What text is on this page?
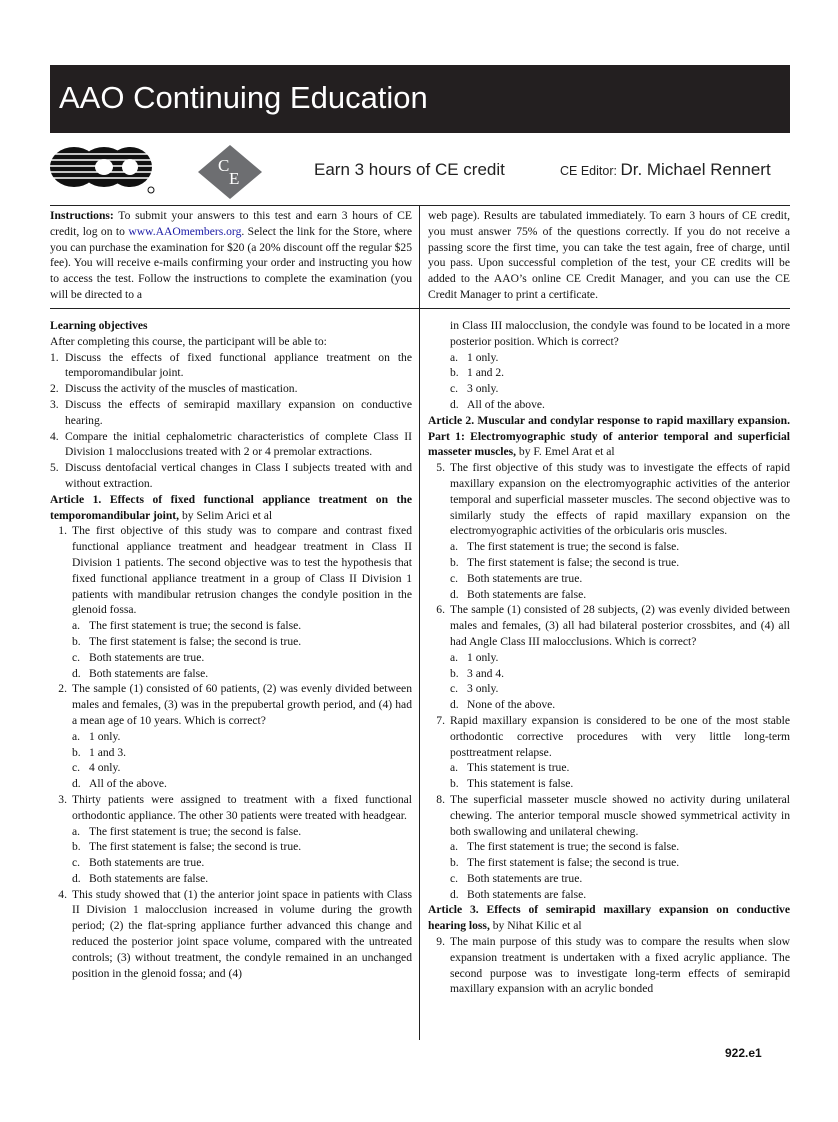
AAO Continuing Education
C
E	Earn 3 hours of CE credit	CE Editor: Dr. Michael Rennert

Instructions: To submit your answers to this test and earn 3 hours of CE credit, log on to www.AAOmembers.org. Select the link for the Store, where you can purchase the examination for $20 (a 20% discount off the regular $25 fee). You will receive e-mails confirming your order and instructing you how to access the test. Follow the instructions to complete the examination (you will be directed to a

web page). Results are tabulated immediately. To earn 3 hours of CE credit, you must answer 75% of the questions correctly. If you do not receive a passing score the first time, you can take the test again, free of charge, until you pass. Upon successful completion of the test, your CE credits will be added to the AAO’s online CE Credit Manager, and you can use the CE Credit Manager to print a certificate.

Learning objectives

After completing this course, the participant will be able to:

1. Discuss the effects of fixed functional appliance treatment on the temporomandibular joint.
2. Discuss the activity of the muscles of mastication.
3. Discuss the effects of semirapid maxillary expansion on conductive hearing.
4. Compare the initial cephalometric characteristics of complete Class II Division 1 malocclusions treated with 2 or 4 premolar extractions.
5. Discuss dentofacial vertical changes in Class I subjects treated with and without extraction.

Article 1. Effects of fixed functional appliance treatment on the temporomandibular joint, by Selim Arici et al

1. The first objective of this study was to compare and contrast fixed functional appliance treatment and headgear treatment in Class II Division 1 patients. The second objective was to test the hypothesis that fixed functional appliance treatment in a group of Class II Division 1 patients with mandibular retrusion changes the condyle position in the glenoid fossa.
a. The first statement is true; the second is false.
b. The first statement is false; the second is true.
c. Both statements are true.
d. Both statements are false.
2. The sample (1) consisted of 60 patients, (2) was evenly divided between males and females, (3) was in the prepubertal growth period, and (4) had a mean age of 10 years. Which is correct?
a. 1 only.
b. 1 and 3.
c. 4 only.
d. All of the above.
3. Thirty patients were assigned to treatment with a fixed functional orthodontic appliance. The other 30 patients were treated with headgear.
a. The first statement is true; the second is false.
b. The first statement is false; the second is true.
c. Both statements are true.
d. Both statements are false.
4. This study showed that (1) the anterior joint space in patients with Class II Division 1 malocclusion increased in volume during the growth period; (2) the flat-spring appliance further advanced this change and reduced the posterior joint space volume, compared with the untreated controls; (3) without treatment, the condyle remained in an unchanged position in the glenoid fossa; and (4)

in Class III malocclusion, the condyle was found to be located in a more posterior position. Which is correct?

a. 1 only.
b. 1 and 2.
c. 3 only.
d. All of the above.

Article 2. Muscular and condylar response to rapid maxillary expansion. Part 1: Electromyographic study of anterior temporal and superficial masseter muscles, by F. Emel Arat et al

5. The first objective of this study was to investigate the effects of rapid maxillary expansion on the electromyographic activities of the anterior temporal and superficial masseter muscles. The second objective was to similarly study the effects of rapid maxillary expansion on the electromyographic activities of the orbicularis oris muscles.
a. The first statement is true; the second is false.
b. The first statement is false; the second is true.
c. Both statements are true.
d. Both statements are false.
6. The sample (1) consisted of 28 subjects, (2) was evenly divided between males and females, (3) all had bilateral posterior crossbites, and (4) all had Angle Class III malocclusions. Which is correct?
a. 1 only.
b. 3 and 4.
c. 3 only.
d. None of the above.
7. Rapid maxillary expansion is considered to be one of the most stable orthodontic corrective procedures with very little long-term posttreatment relapse.
a. This statement is true.
b. This statement is false.
8. The superficial masseter muscle showed no activity during unilateral chewing. The anterior temporal muscle showed symmetrical activity in both swallowing and unilateral chewing.
a. The first statement is true; the second is false.
b. The first statement is false; the second is true.
c. Both statements are true.
d. Both statements are false.

Article 3. Effects of semirapid maxillary expansion on conductive hearing loss, by Nihat Kilic et al

9. The main purpose of this study was to compare the results when slow expansion treatment is undertaken with a fixed acrylic appliance. The second purpose was to investigate long-term effects of semirapid maxillary expansion with an acrylic bonded
922.e1
